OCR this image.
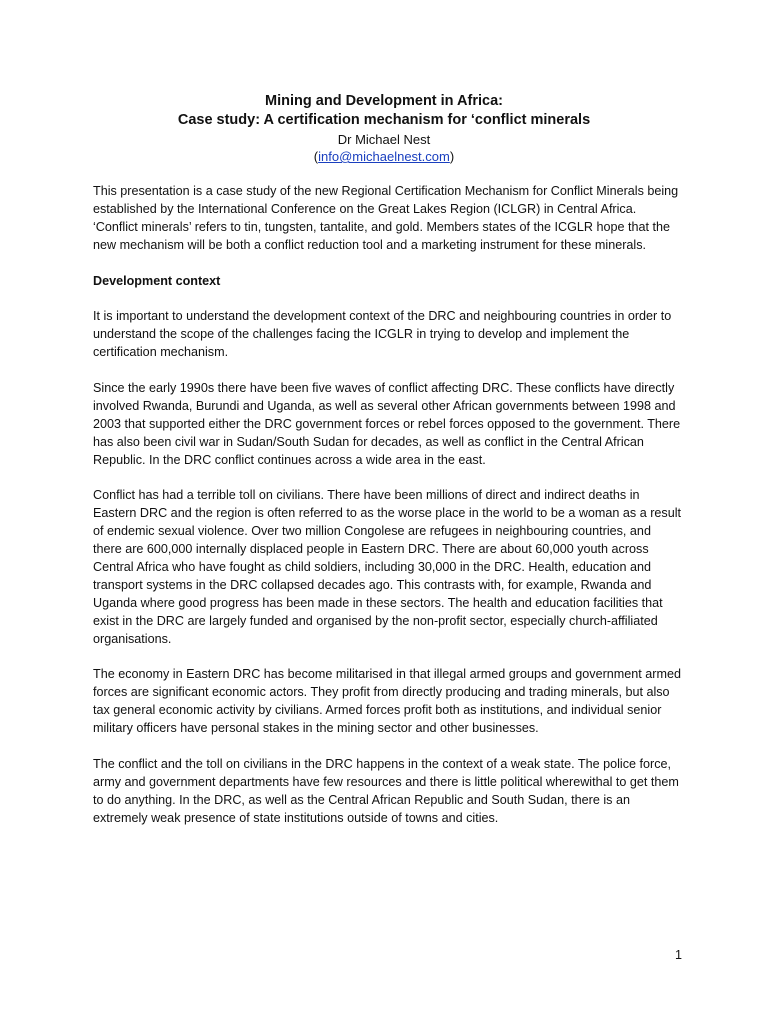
Mining and Development in Africa:

Case study: A certification mechanism for ‘conflict minerals

Dr Michael Nest

(info@michaelnest.com)

This presentation is a case study of the new Regional Certification Mechanism for Conflict Minerals being established by the International Conference on the Great Lakes Region (ICLGR) in Central Africa. ‘Conflict minerals’ refers to tin, tungsten, tantalite, and gold. Members states of the ICGLR hope that the new mechanism will be both a conflict reduction tool and a marketing instrument for these minerals.

Development context

It is important to understand the development context of the DRC and neighbouring countries in order to understand the scope of the challenges facing the ICGLR in trying to develop and implement the certification mechanism.

Since the early 1990s there have been five waves of conflict affecting DRC. These conflicts have directly involved Rwanda, Burundi and Uganda, as well as several other African governments between 1998 and 2003 that supported either the DRC government forces or rebel forces opposed to the government. There has also been civil war in Sudan/South Sudan for decades, as well as conflict in the Central African Republic. In the DRC conflict continues across a wide area in the east.

Conflict has had a terrible toll on civilians. There have been millions of direct and indirect deaths in Eastern DRC and the region is often referred to as the worse place in the world to be a woman as a result of endemic sexual violence. Over two million Congolese are refugees in neighbouring countries, and there are 600,000 internally displaced people in Eastern DRC. There are about 60,000 youth across Central Africa who have fought as child soldiers, including 30,000 in the DRC. Health, education and transport systems in the DRC collapsed decades ago. This contrasts with, for example, Rwanda and Uganda where good progress has been made in these sectors. The health and education facilities that exist in the DRC are largely funded and organised by the non-profit sector, especially church-affiliated organisations.

The economy in Eastern DRC has become militarised in that illegal armed groups and government armed forces are significant economic actors. They profit from directly producing and trading minerals, but also tax general economic activity by civilians. Armed forces profit both as institutions, and individual senior military officers have personal stakes in the mining sector and other businesses.

The conflict and the toll on civilians in the DRC happens in the context of a weak state. The police force, army and government departments have few resources and there is little political wherewithal to get them to do anything. In the DRC, as well as the Central African Republic and South Sudan, there is an extremely weak presence of state institutions outside of towns and cities.

1
